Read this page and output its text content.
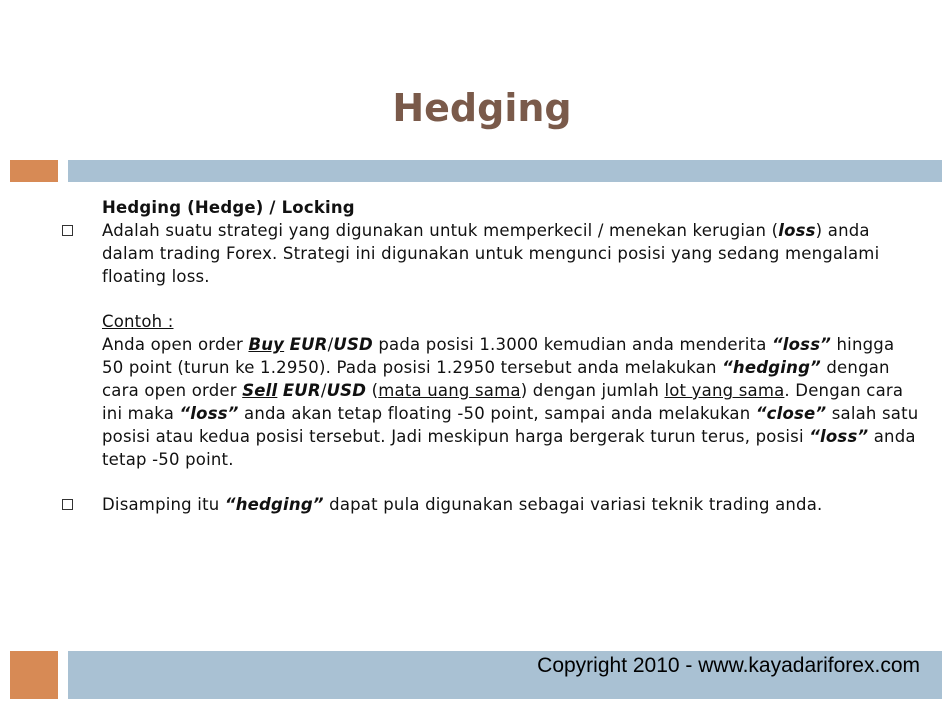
Hedging

Hedging (Hedge) / Locking

Adalah suatu strategi yang digunakan untuk memperkecil / menekan kerugian (loss) anda dalam trading Forex. Strategi ini digunakan untuk mengunci posisi yang sedang mengalami floating loss.

Contoh :

Anda open order Buy EUR/USD pada posisi 1.3000 kemudian anda menderita “loss” hingga 50 point (turun ke 1.2950). Pada posisi 1.2950 tersebut anda melakukan “hedging” dengan cara open order Sell EUR/USD (mata uang sama) dengan jumlah lot yang sama. Dengan cara ini maka “loss” anda akan tetap floating -50 point, sampai anda melakukan “close” salah satu posisi atau kedua posisi tersebut. Jadi meskipun harga bergerak turun terus, posisi “loss” anda tetap -50 point.

Disamping itu “hedging” dapat pula digunakan sebagai variasi teknik trading anda.

Copyright 2010 - www.kayadariforex.com
